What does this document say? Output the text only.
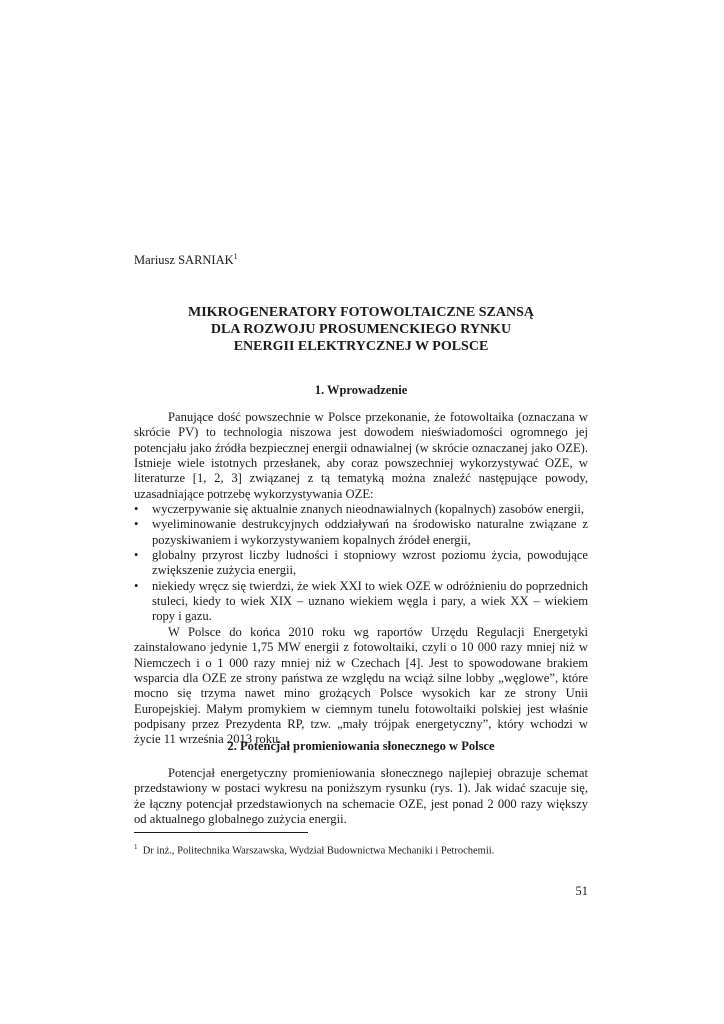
Mariusz SARNIAK$^1$
MIKROGENERATORY FOTOWOLTAICZNE SZANSĄ
DLA ROZWOJU PROSUMENCKIEGO RYNKU
ENERGII ELEKTRYCZNEJ W POLSCE
1. Wprowadzenie

Panujące dość powszechnie w Polsce przekonanie, że fotowoltaika (oznaczana w skrócie PV) to technologia niszowa jest dowodem nieświadomości ogromnego jej potencjału jako źródła bezpiecznej energii odnawialnej (w skrócie oznaczanej jako OZE). Istnieje wiele istotnych przesłanek, aby coraz powszechniej wykorzystywać OZE, w literaturze [1, 2, 3] związanej z tą tematyką można znaleźć następujące powody, uzasadniające potrzebę wykorzystywania OZE:

• wyczerpywanie się aktualnie znanych nieodnawialnych (kopalnych) zasobów energii,
• wyeliminowanie destrukcyjnych oddziaływań na środowisko naturalne związane z pozyskiwaniem i wykorzystywaniem kopalnych źródeł energii,
• globalny przyrost liczby ludności i stopniowy wzrost poziomu życia, powodujące zwiększenie zużycia energii,
• niekiedy wręcz się twierdzi, że wiek XXI to wiek OZE w odróżnieniu do poprzednich stuleci, kiedy to wiek XIX – uznano wiekiem węgla i pary, a wiek XX – wiekiem ropy i gazu.

W Polsce do końca 2010 roku wg raportów Urzędu Regulacji Energetyki zainstalowano jedynie 1,75 MW energii z fotowoltaiki, czyli o 10 000 razy mniej niż w Niemczech i o 1 000 razy mniej niż w Czechach [4]. Jest to spowodowane brakiem wsparcia dla OZE ze strony państwa ze względu na wciąż silne lobby „węglowe”, które mocno się trzyma nawet mino grożących Polsce wysokich kar ze strony Unii Europejskiej. Małym promykiem w ciemnym tunelu fotowoltaiki polskiej jest właśnie podpisany przez Prezydenta RP, tzw. „mały trójpak energetyczny”, który wchodzi w życie 11 września 2013 roku.

2. Potencjał promieniowania słonecznego w Polsce

Potencjał energetyczny promieniowania słonecznego najlepiej obrazuje schemat przedstawiony w postaci wykresu na poniższym rysunku (rys. 1). Jak widać szacuje się, że łączny potencjał przedstawionych na schemacie OZE, jest ponad 2 000 razy większy od aktualnego globalnego zużycia energii.

$^1$ Dr inż., Politechnika Warszawska, Wydział Budownictwa Mechaniki i Petrochemii.
51
